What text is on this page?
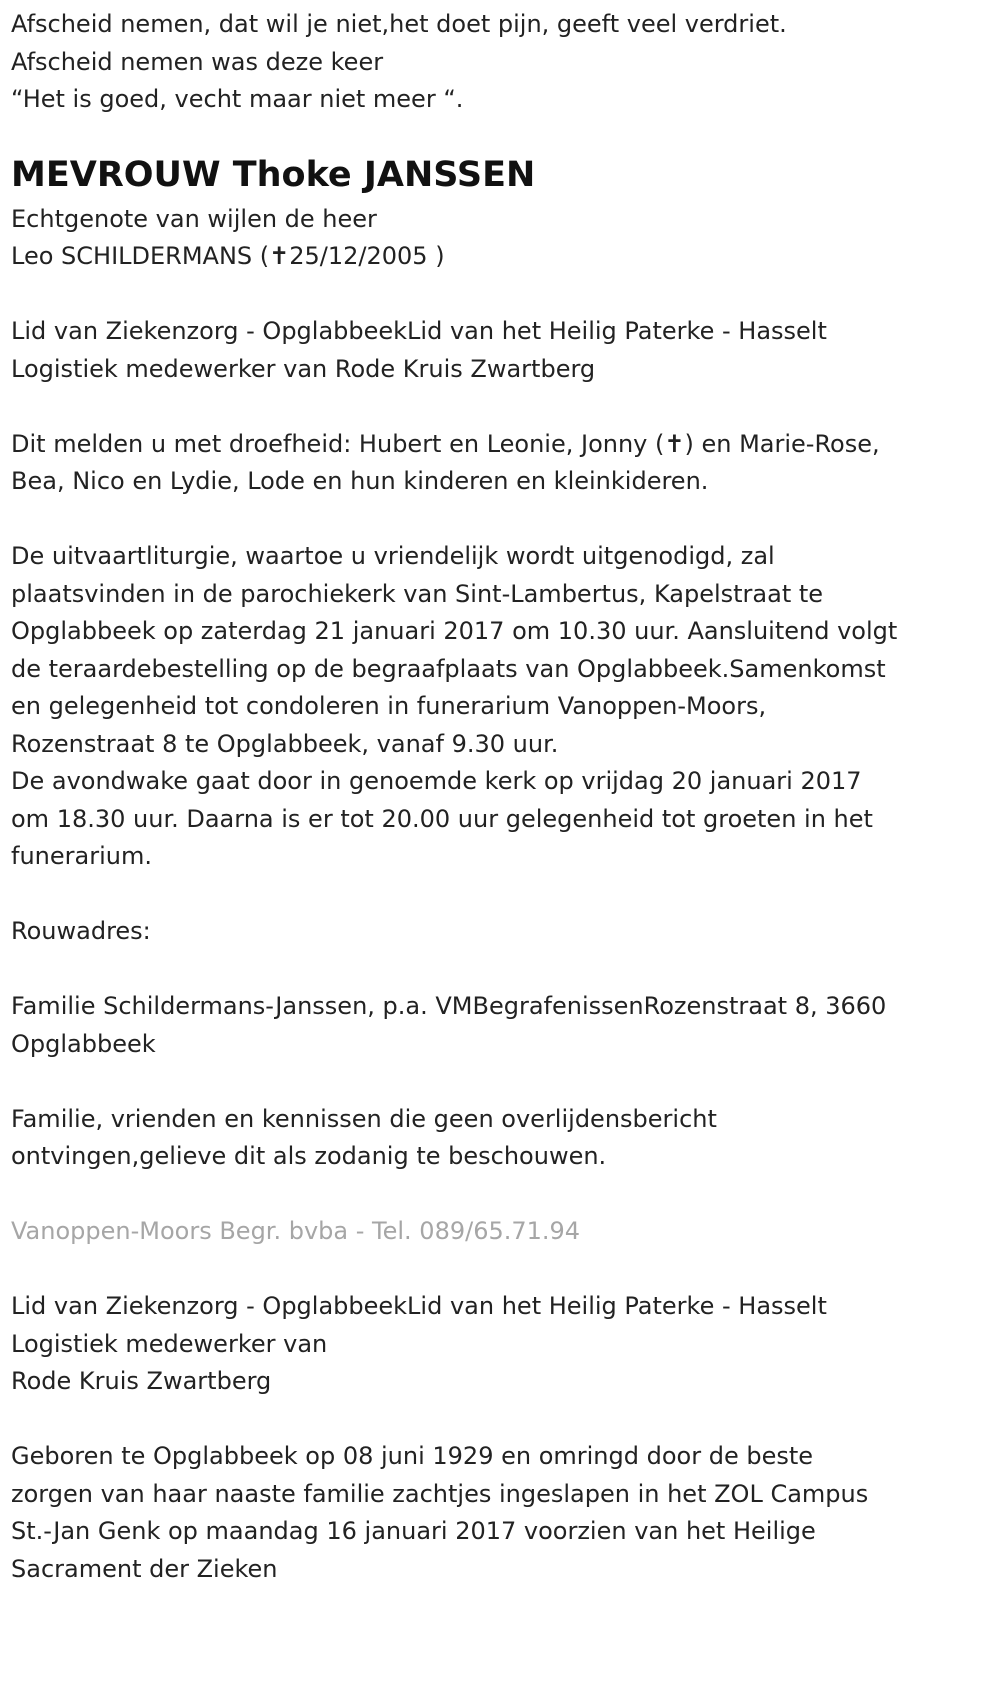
Afscheid nemen, dat wil je niet,het doet pijn, geeft veel verdriet.

Afscheid nemen was deze keer

“Het is goed, vecht maar niet meer “.

MEVROUW Thoke JANSSEN

Echtgenote van wijlen de heer

Leo SCHILDERMANS (✝25/12/2005 )

Lid van Ziekenzorg - OpglabbeekLid van het Heilig Paterke - Hasselt

Logistiek medewerker van Rode Kruis Zwartberg

Dit melden u met droefheid: Hubert en Leonie, Jonny (✝) en Marie-Rose,

Bea, Nico en Lydie, Lode en hun kinderen en kleinkideren.

De uitvaartliturgie, waartoe u vriendelijk wordt uitgenodigd, zal

plaatsvinden in de parochiekerk van Sint-Lambertus, Kapelstraat te

Opglabbeek op zaterdag 21 januari 2017 om 10.30 uur. Aansluitend volgt

de teraardebestelling op de begraafplaats van Opglabbeek.Samenkomst

en gelegenheid tot condoleren in funerarium Vanoppen-Moors,

Rozenstraat 8 te Opglabbeek, vanaf 9.30 uur.

De avondwake gaat door in genoemde kerk op vrijdag 20 januari 2017

om 18.30 uur. Daarna is er tot 20.00 uur gelegenheid tot groeten in het

funerarium.

Rouwadres:

Familie Schildermans-Janssen, p.a. VMBegrafenissenRozenstraat 8, 3660

Opglabbeek

Familie, vrienden en kennissen die geen overlijdensbericht

ontvingen,gelieve dit als zodanig te beschouwen.

Vanoppen-Moors Begr. bvba - Tel. 089/65.71.94

Lid van Ziekenzorg - OpglabbeekLid van het Heilig Paterke - Hasselt

Logistiek medewerker van

Rode Kruis Zwartberg

Geboren te Opglabbeek op 08 juni 1929 en omringd door de beste

zorgen van haar naaste familie zachtjes ingeslapen in het ZOL Campus

St.-Jan Genk op maandag 16 januari 2017 voorzien van het Heilige

Sacrament der Zieken
